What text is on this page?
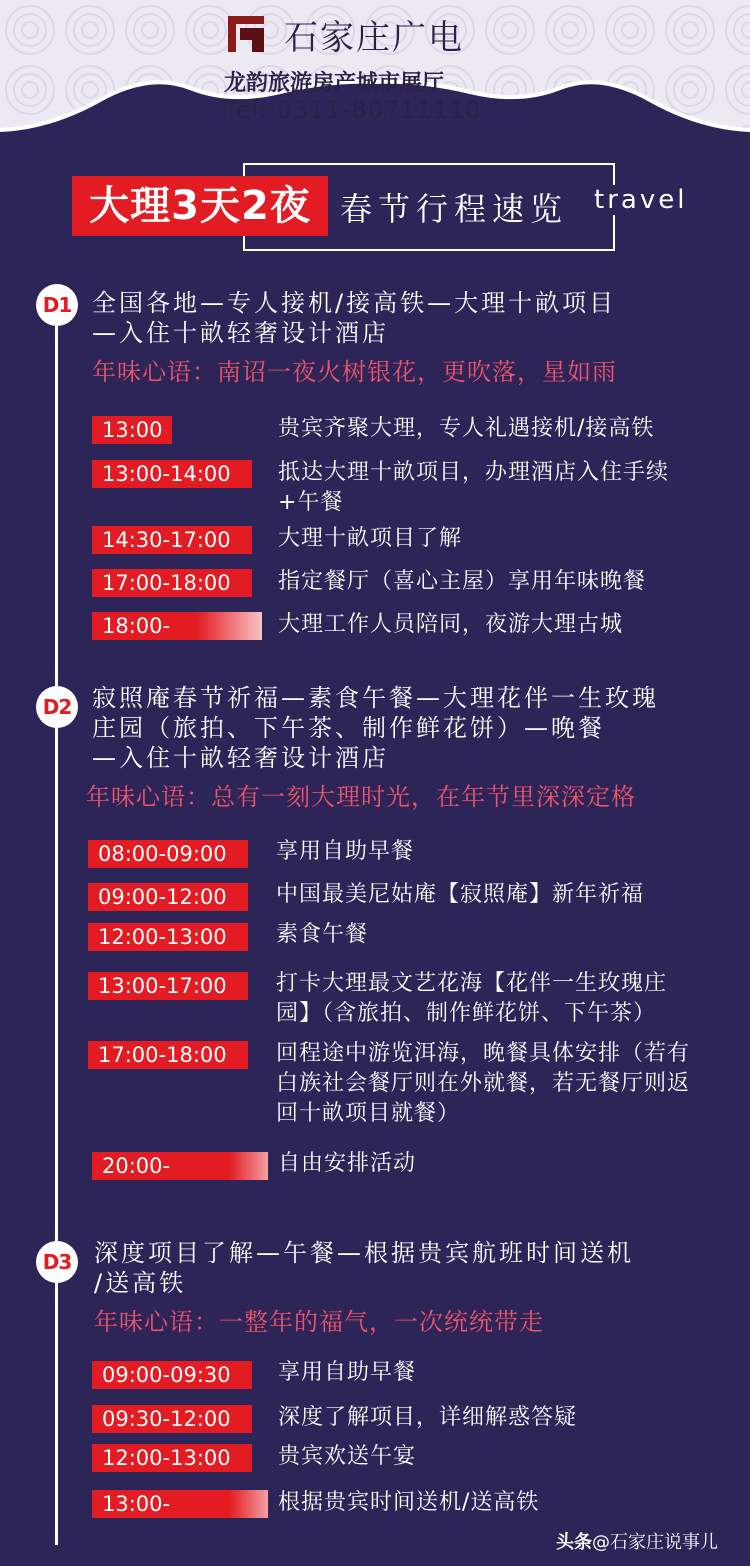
石家庄广电
龙韵旅游房产城市展厅
Tel: 0311-80711110
大理3天2夜 春节行程速览 travel
D1 全国各地—专人接机/接高铁—大理十畝项目
—入住十畝轻奢设计酒店
年味心语：南诏一夜火树银花，更吹落，星如雨
13:00	贵宾齐聚大理，专人礼遇接机/接高铁
13:00-14:00	抵达大理十畝项目，办理酒店入住手续+午餐
14:30-17:00	大理十畝项目了解
17:00-18:00	指定餐厅（喜心主屋）享用年味晚餐
18:00-	大理工作人员陪同，夜游大理古城
D2 寂照庵春节祈福—素食午餐—大理花伴一生玫瑰
庄园（旅拍、下午茶、制作鲜花饼）—晚餐
—入住十畝轻奢设计酒店
年味心语：总有一刻大理时光，在年节里深深定格
08:00-09:00	享用自助早餐
09:00-12:00	中国最美尼姑庵【寂照庵】新年祈福
12:00-13:00	素食午餐
13:00-17:00	打卡大理最文艺花海【花伴一生玫瑰庄园】（含旅拍、制作鲜花饼、下午茶）
17:00-18:00	回程途中游览洱海，晚餐具体安排（若有白族社会餐厅则在外就餐，若无餐厅则返回十畝项目就餐）
20:00-	自由安排活动
D3 深度项目了解—午餐—根据贵宾航班时间送机
/送高铁
年味心语：一整年的福气，一次统统带走
09:00-09:30	享用自助早餐
09:30-12:00	深度了解项目，详细解惑答疑
12:00-13:00	贵宾欢送午宴
13:00-	根据贵宾时间送机/送高铁
头条@石家庄说事儿
